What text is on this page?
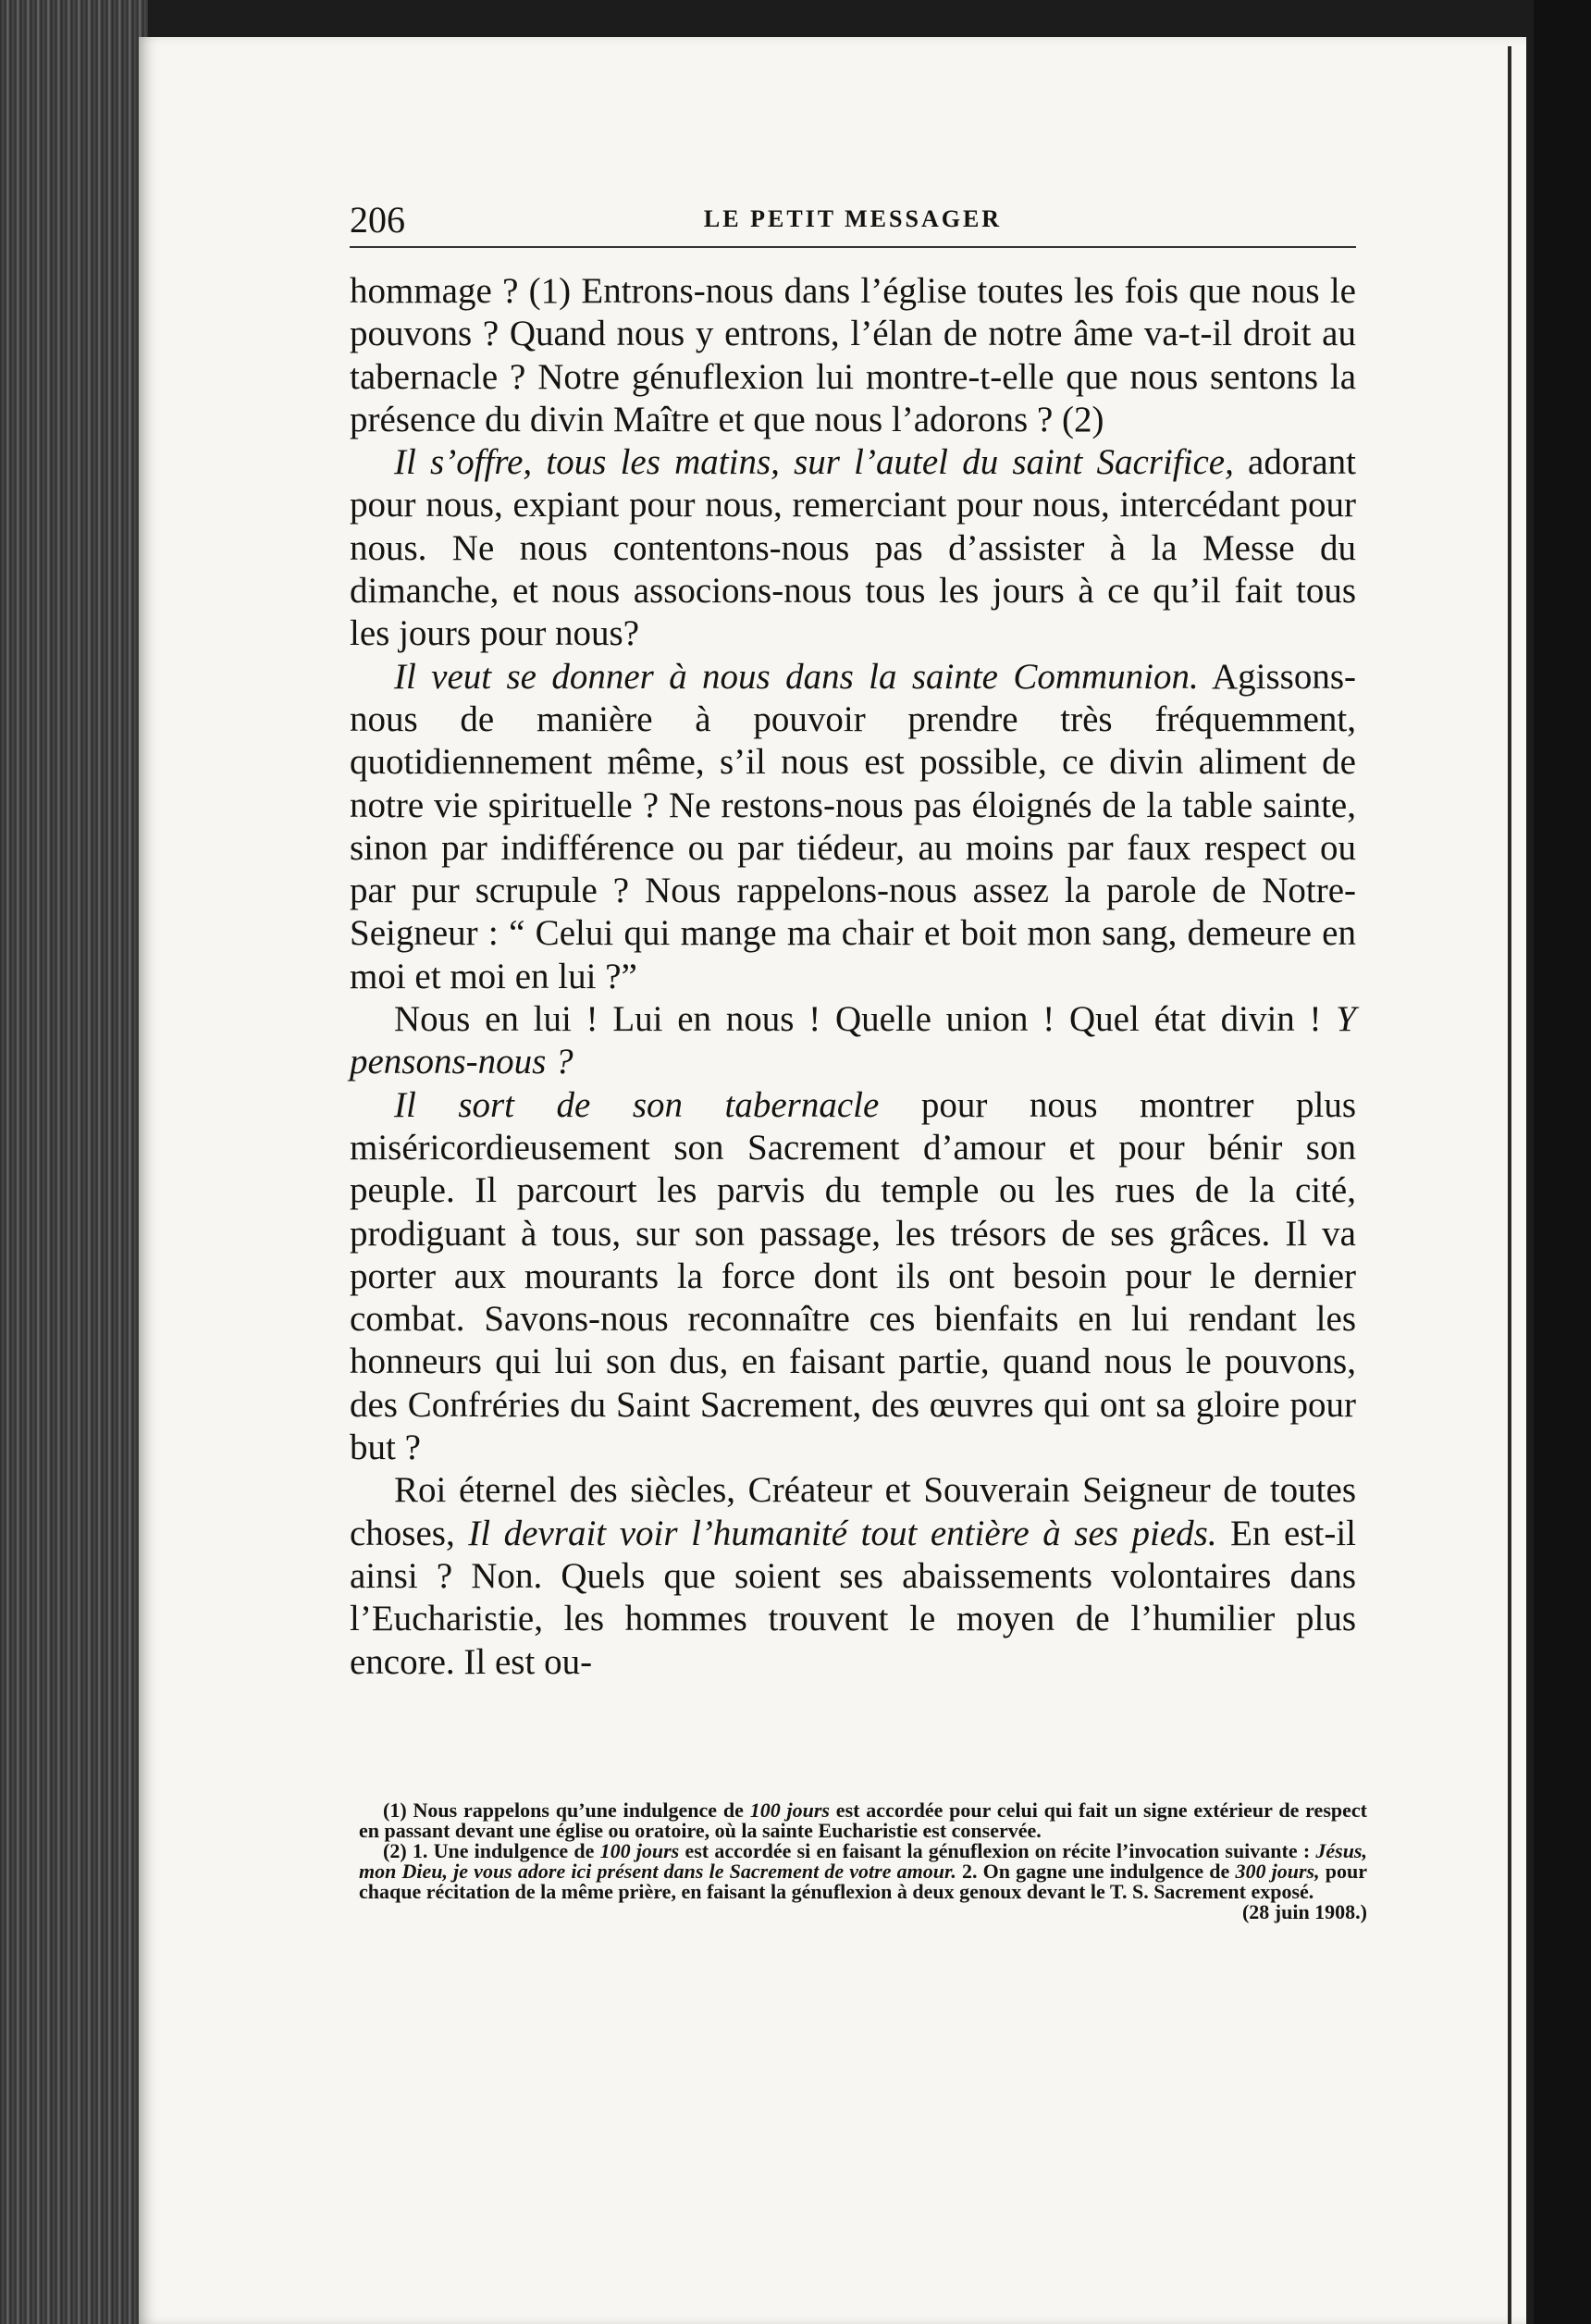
206	LE PETIT MESSAGER

hommage ? (1) Entrons-nous dans l’église toutes les fois que nous le pouvons ? Quand nous y entrons, l’élan de notre âme va-t-il droit au tabernacle ? Notre génuflexion lui montre-t-elle que nous sentons la présence du divin Maître et que nous l’adorons ? (2)

Il s’offre, tous les matins, sur l’autel du saint Sacrifice, adorant pour nous, expiant pour nous, remerciant pour nous, intercédant pour nous. Ne nous contentons-nous pas d’assister à la Messe du dimanche, et nous associons-nous tous les jours à ce qu’il fait tous les jours pour nous?

Il veut se donner à nous dans la sainte Communion. Agissons-nous de manière à pouvoir prendre très fréquemment, quotidiennement même, s’il nous est possible, ce divin aliment de notre vie spirituelle ? Ne restons-nous pas éloignés de la table sainte, sinon par indifférence ou par tiédeur, au moins par faux respect ou par pur scrupule ? Nous rappelons-nous assez la parole de Notre-Seigneur : “ Celui qui mange ma chair et boit mon sang, demeure en moi et moi en lui ?”

Nous en lui ! Lui en nous ! Quelle union ! Quel état divin ! Y pensons-nous ?

Il sort de son tabernacle pour nous montrer plus miséricordieusement son Sacrement d’amour et pour bénir son peuple. Il parcourt les parvis du temple ou les rues de la cité, prodiguant à tous, sur son passage, les trésors de ses grâces. Il va porter aux mourants la force dont ils ont besoin pour le dernier combat. Savons-nous reconnaître ces bienfaits en lui rendant les honneurs qui lui son dus, en faisant partie, quand nous le pouvons, des Confréries du Saint Sacrement, des œuvres qui ont sa gloire pour but ?

Roi éternel des siècles, Créateur et Souverain Seigneur de toutes choses, Il devrait voir l’humanité tout entière à ses pieds. En est-il ainsi ? Non. Quels que soient ses abaissements volontaires dans l’Eucharistie, les hommes trouvent le moyen de l’humilier plus encore. Il est ou-

(1) Nous rappelons qu’une indulgence de 100 jours est accordée pour celui qui fait un signe extérieur de respect en passant devant une église ou oratoire, où la sainte Eucharistie est conservée.

(2) 1. Une indulgence de 100 jours est accordée si en faisant la génuflexion on récite l’invocation suivante : Jésus, mon Dieu, je vous adore ici présent dans le Sacrement de votre amour. 2. On gagne une indulgence de 300 jours, pour chaque récitation de la même prière, en faisant la génuflexion à deux genoux devant le T. S. Sacrement exposé.
(28 juin 1908.)
